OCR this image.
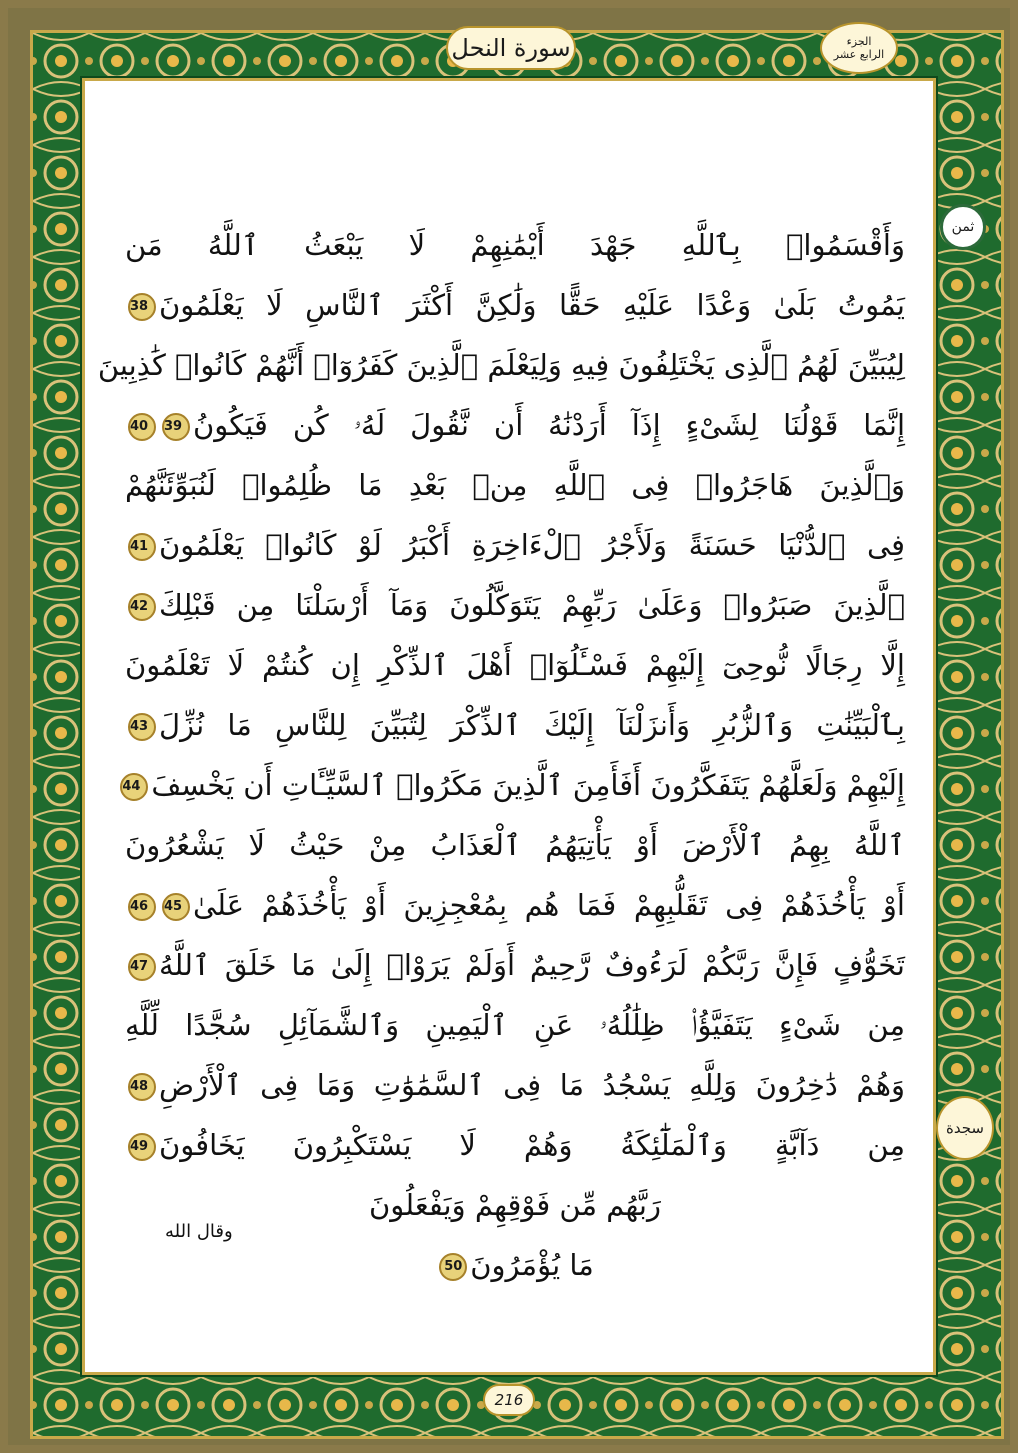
وَأَقْسَمُوا۟ بِٱللَّهِ جَهْدَ أَيْمَٰنِهِمْ لَا يَبْعَثُ ٱللَّهُ مَن
يَمُوتُ بَلَىٰ وَعْدًا عَلَيْهِ حَقًّا وَلَٰكِنَّ أَكْثَرَ ٱلنَّاسِ لَا يَعْلَمُونَ38
لِيُبَيِّنَ لَهُمُ ٱلَّذِى يَخْتَلِفُونَ فِيهِ وَلِيَعْلَمَ ٱلَّذِينَ كَفَرُوٓا۟ أَنَّهُمْ كَانُوا۟ كَٰذِبِينَ
إِنَّمَا قَوْلُنَا لِشَىْءٍ إِذَآ أَرَدْنَٰهُ أَن نَّقُولَ لَهُۥ كُن فَيَكُونُ3940
وَٱلَّذِينَ هَاجَرُوا۟ فِى ٱللَّهِ مِنۢ بَعْدِ مَا ظُلِمُوا۟ لَنُبَوِّئَنَّهُمْ
فِى ٱلدُّنْيَا حَسَنَةً وَلَأَجْرُ ٱلْءَاخِرَةِ أَكْبَرُ لَوْ كَانُوا۟ يَعْلَمُونَ41
ٱلَّذِينَ صَبَرُوا۟ وَعَلَىٰ رَبِّهِمْ يَتَوَكَّلُونَ وَمَآ أَرْسَلْنَا مِن قَبْلِكَ42
إِلَّا رِجَالًا نُّوحِىٓ إِلَيْهِمْ فَسْـَٔلُوٓا۟ أَهْلَ ٱلذِّكْرِ إِن كُنتُمْ لَا تَعْلَمُونَ
بِٱلْبَيِّنَٰتِ وَٱلزُّبُرِ وَأَنزَلْنَآ إِلَيْكَ ٱلذِّكْرَ لِتُبَيِّنَ لِلنَّاسِ مَا نُزِّلَ43
إِلَيْهِمْ وَلَعَلَّهُمْ يَتَفَكَّرُونَ أَفَأَمِنَ ٱلَّذِينَ مَكَرُوا۟ ٱلسَّيِّـَٔاتِ أَن يَخْسِفَ44
ٱللَّهُ بِهِمُ ٱلْأَرْضَ أَوْ يَأْتِيَهُمُ ٱلْعَذَابُ مِنْ حَيْثُ لَا يَشْعُرُونَ
أَوْ يَأْخُذَهُمْ فِى تَقَلُّبِهِمْ فَمَا هُم بِمُعْجِزِينَ أَوْ يَأْخُذَهُمْ عَلَىٰ4546
تَخَوُّفٍ فَإِنَّ رَبَّكُمْ لَرَءُوفٌ رَّحِيمٌ أَوَلَمْ يَرَوْا۟ إِلَىٰ مَا خَلَقَ ٱللَّهُ47
مِن شَىْءٍ يَتَفَيَّؤُا۟ ظِلَٰلُهُۥ عَنِ ٱلْيَمِينِ وَٱلشَّمَآئِلِ سُجَّدًا لِّلَّهِ
وَهُمْ دَٰخِرُونَ وَلِلَّهِ يَسْجُدُ مَا فِى ٱلسَّمَٰوَٰتِ وَمَا فِى ٱلْأَرْضِ48
مِن دَآبَّةٍ وَٱلْمَلَٰٓئِكَةُ وَهُمْ لَا يَسْتَكْبِرُونَ يَخَافُونَ49
رَبَّهُم مِّن فَوْقِهِمْ وَيَفْعَلُونَ
مَا يُؤْمَرُونَ50
وقال الله
سورة النحل	الجزء
الرابع عشر
ثمن
سجدة
216
